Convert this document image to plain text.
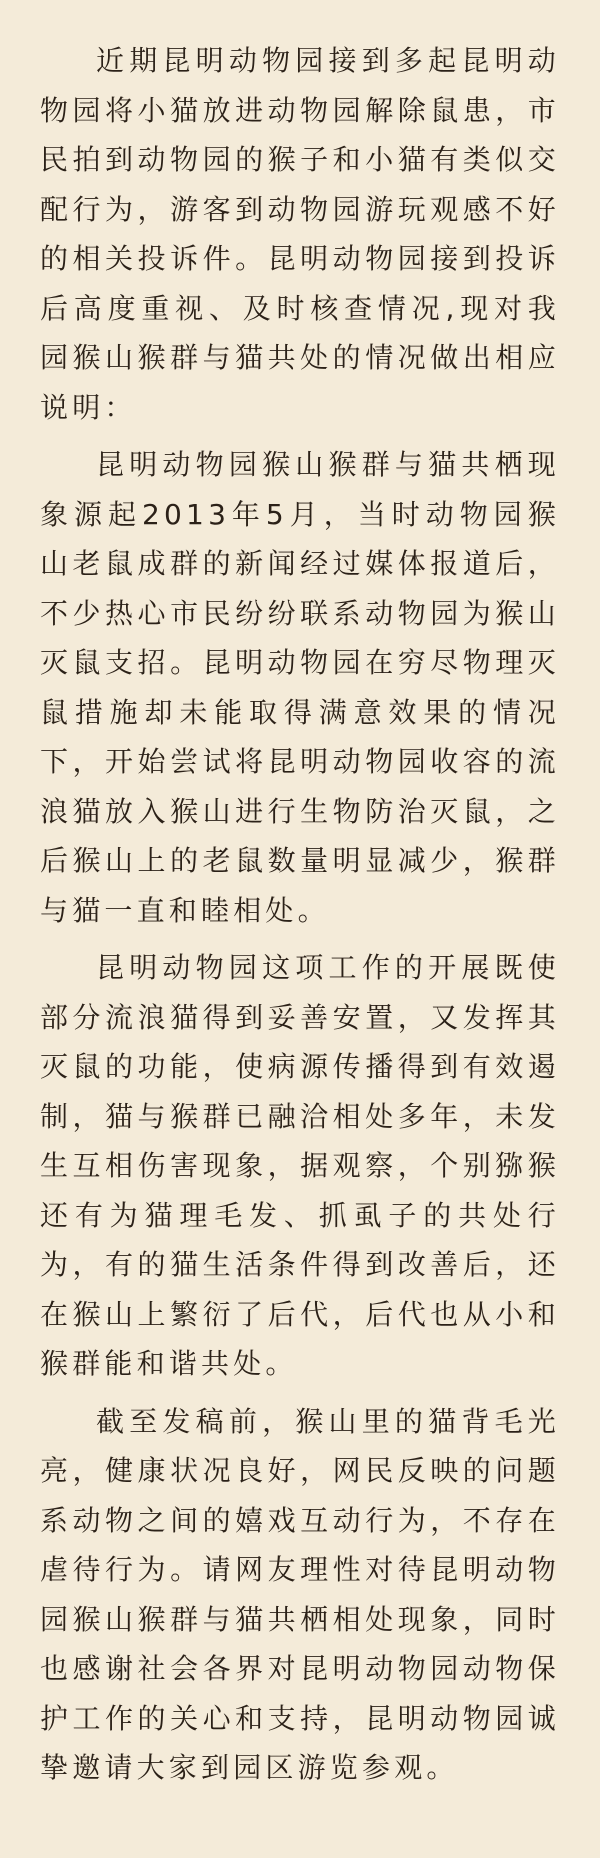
近期昆明动物园接到多起昆明动物园将小猫放进动物园解除鼠患，市民拍到动物园的猴子和小猫有类似交配行为，游客到动物园游玩观感不好的相关投诉件。昆明动物园接到投诉后高度重视、及时核查情况,现对我园猴山猴群与猫共处的情况做出相应说明：

昆明动物园猴山猴群与猫共栖现象源起2013年5月，当时动物园猴山老鼠成群的新闻经过媒体报道后，不少热心市民纷纷联系动物园为猴山灭鼠支招。昆明动物园在穷尽物理灭鼠措施却未能取得满意效果的情况下，开始尝试将昆明动物园收容的流浪猫放入猴山进行生物防治灭鼠，之后猴山上的老鼠数量明显减少，猴群与猫一直和睦相处。

昆明动物园这项工作的开展既使部分流浪猫得到妥善安置，又发挥其灭鼠的功能，使病源传播得到有效遏制，猫与猴群已融洽相处多年，未发生互相伤害现象，据观察，个别猕猴还有为猫理毛发、抓虱子的共处行为，有的猫生活条件得到改善后，还在猴山上繁衍了后代，后代也从小和猴群能和谐共处。

截至发稿前，猴山里的猫背毛光亮，健康状况良好，网民反映的问题系动物之间的嬉戏互动行为，不存在虐待行为。请网友理性对待昆明动物园猴山猴群与猫共栖相处现象，同时也感谢社会各界对昆明动物园动物保护工作的关心和支持，昆明动物园诚挚邀请大家到园区游览参观。
